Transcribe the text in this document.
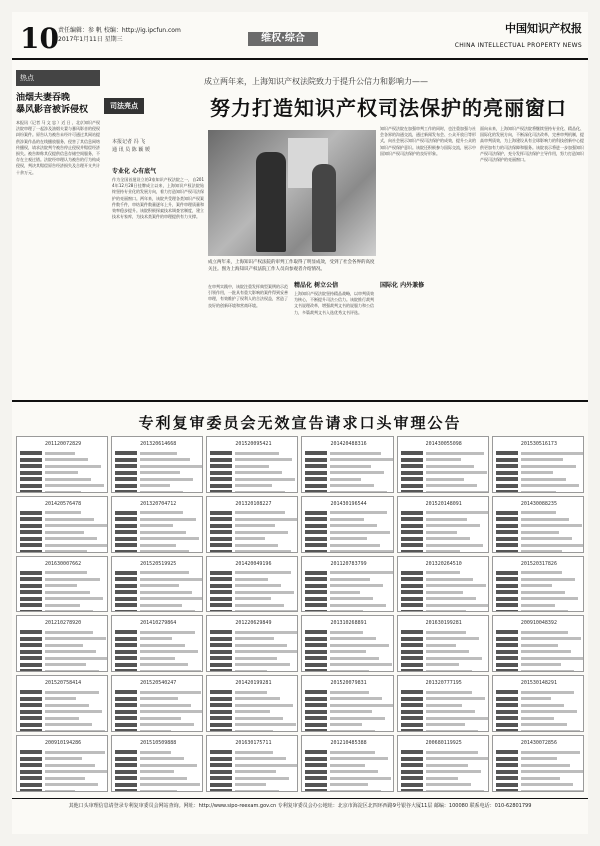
10 责任编辑：参 帆 校编：http://ig.ipcfun.com
2017年1月11日 星期三	维权·综合
中国知识产权报
CHINA INTELLECTUAL PROPERTY NEWS
热点
油烟夫妻吞晚
暴风影音被诉侵权
本报讯（记者 马 文 忠 ）近 日 ，北京知识产权法院审理了一起涉及油烟夫妻与暴风影音的侵权纠纷案件。原告认为被告未经许可通过其网站提供涉案作品的在线播放服务，侵害了其信息网络传播权，请求法院判令被告停止侵权并赔偿经济损失。被告辩称其仅提供信息存储空间服务，不存在主观过错。法院经审理认为被告的行为构成侵权，判决其赔偿原告经济损失及合理开支共计十余万元。
司法亮点
成立两年来，上海知识产权法院致力于提升公信力和影响力——
努力打造知识产权司法保护的亮丽窗口
本报记者 冯 飞
通 讯 员 陈 颖 媛
专业化 心有底气
作为全国首批设立的3家知识产权法院之一，自2014年12月28日挂牌成立以来，上海知识产权法院始终坚持专业化的发展方向，着力打造知识产权司法保护的亮丽窗口。两年来，该院共受理各类知识产权案件数千件，审结案件数量逐年上升，案件审理质量和效率稳步提升。该院积极探索技术调查官制度，建立技术专家库，为技术类案件的审理提供有力支撑。
成立两年来，上海知识产权法院的审判工作取得了明显成效，受到了社会各界的高度关注。图为上海知识产权法院工作人员向参观者介绍情况。
在审判实践中，该院注重发挥典型案例的示范引领作用，一批具有重大影响的案件得到妥善审理，有效维护了权利人的合法权益，营造了良好的创新环境和营商环境。
精品化 树立公信
上海知识产权法院坚持精品战略，以审判质效为核心，不断提升司法公信力。该院推行裁判文书说理改革，增强裁判文书的说服力和公信力，多篇裁判文书入选优秀文书评选。
知识产权法院在加强审判工作的同时，也注重加强与社会各界的沟通交流，通过新闻发布会、公众开放日等形式，向社会展示知识产权司法保护的成效，提升公众的知识产权保护意识。该院还积极参与国际交流，展示中国知识产权司法保护的良好形象。
国际化 内外兼修
面向未来，上海知识产权法院将继续坚持专业化、精品化、国际化的发展方向，不断深化司法改革，完善审判机制，提高审判质效，为上海建设具有全球影响力的科技创新中心提供更加有力的司法保障和服务。该院表示将进一步加强知识产权司法保护，充分发挥司法保护主导作用，努力打造知识产权司法保护的亮丽窗口。
专利复审委员会无效宣告请求口头审理公告
201120072829	201320614668	201520095421	201420488316	201430055098	201530516173
201420576478	201320704712	201320108227	201430196544	201520148091	201430088235
201630007662	201520519925	201420049196	201120783799	201320264510	201520317826
201210278920	201410279864	201220629849	201310268891	201630199281	200910048392
201520758414	201520540247	201420199281	201520079831	201320777195	201530148291
200910194286	201510509888	201630175711	201210485388	200680119925	201430072856
其他口头审理信息请登录专利复审委员会网站查询。网址：http://www.sipo-reexam.gov.cn 专利复审委员会办公地址：北京市海淀区北四环西路9号银谷大厦11层 邮编：100080 联系电话：010-62801799
